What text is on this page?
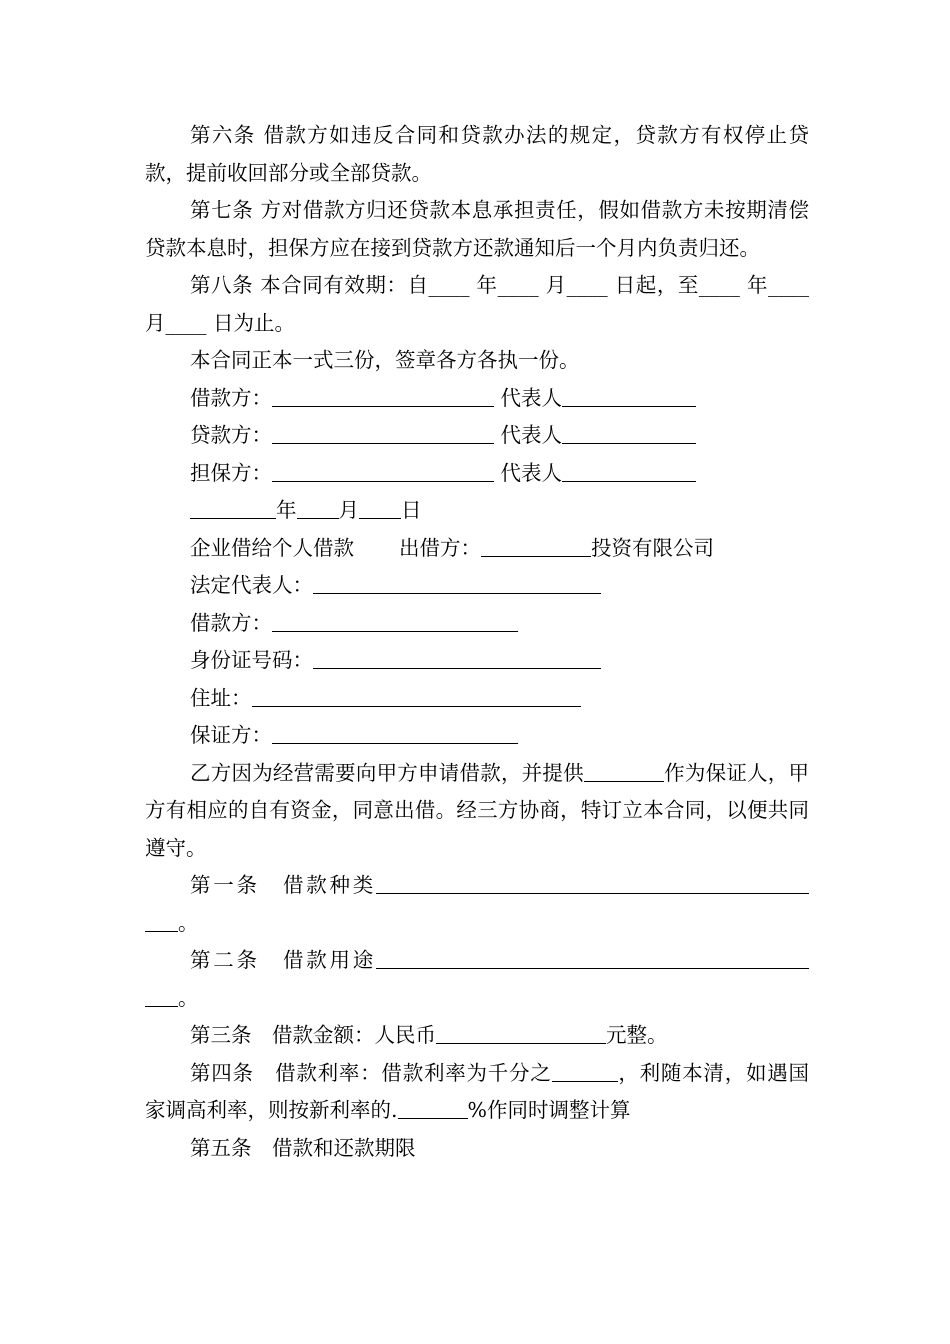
第六条 借款方如违反合同和贷款办法的规定，贷款方有权停止贷款，提前收回部分或全部贷款。

第七条 方对借款方归还贷款本息承担责任，假如借款方未按期清偿贷款本息时，担保方应在接到贷款方还款通知后一个月内负责归还。

第八条 本合同有效期：自____ 年____ 月____ 日起，至____ 年____ 月____ 日为止。

本合同正本一式三份，签章各方各执一份。

借款方：	代表人

贷款方：	代表人

担保方：	代表人

年 月 日

企业借给个人借款 出借方：	投资有限公司

法定代表人：

借款方：

身份证号码：

住址：

保证方：

乙方因为经营需要向甲方申请借款，并提供	作为保证人，甲方有相应的自有资金，同意出借。经三方协商，特订立本合同，以便共同遵守。

第一条　借款种类。

第二条　借款用途。

第三条　借款金额：人民币	元整。

第四条　借款利率：借款利率为千分之	，利随本清，如遇国家调高利率，则按新利率的.	%作同时调整计算

第五条　借款和还款期限
